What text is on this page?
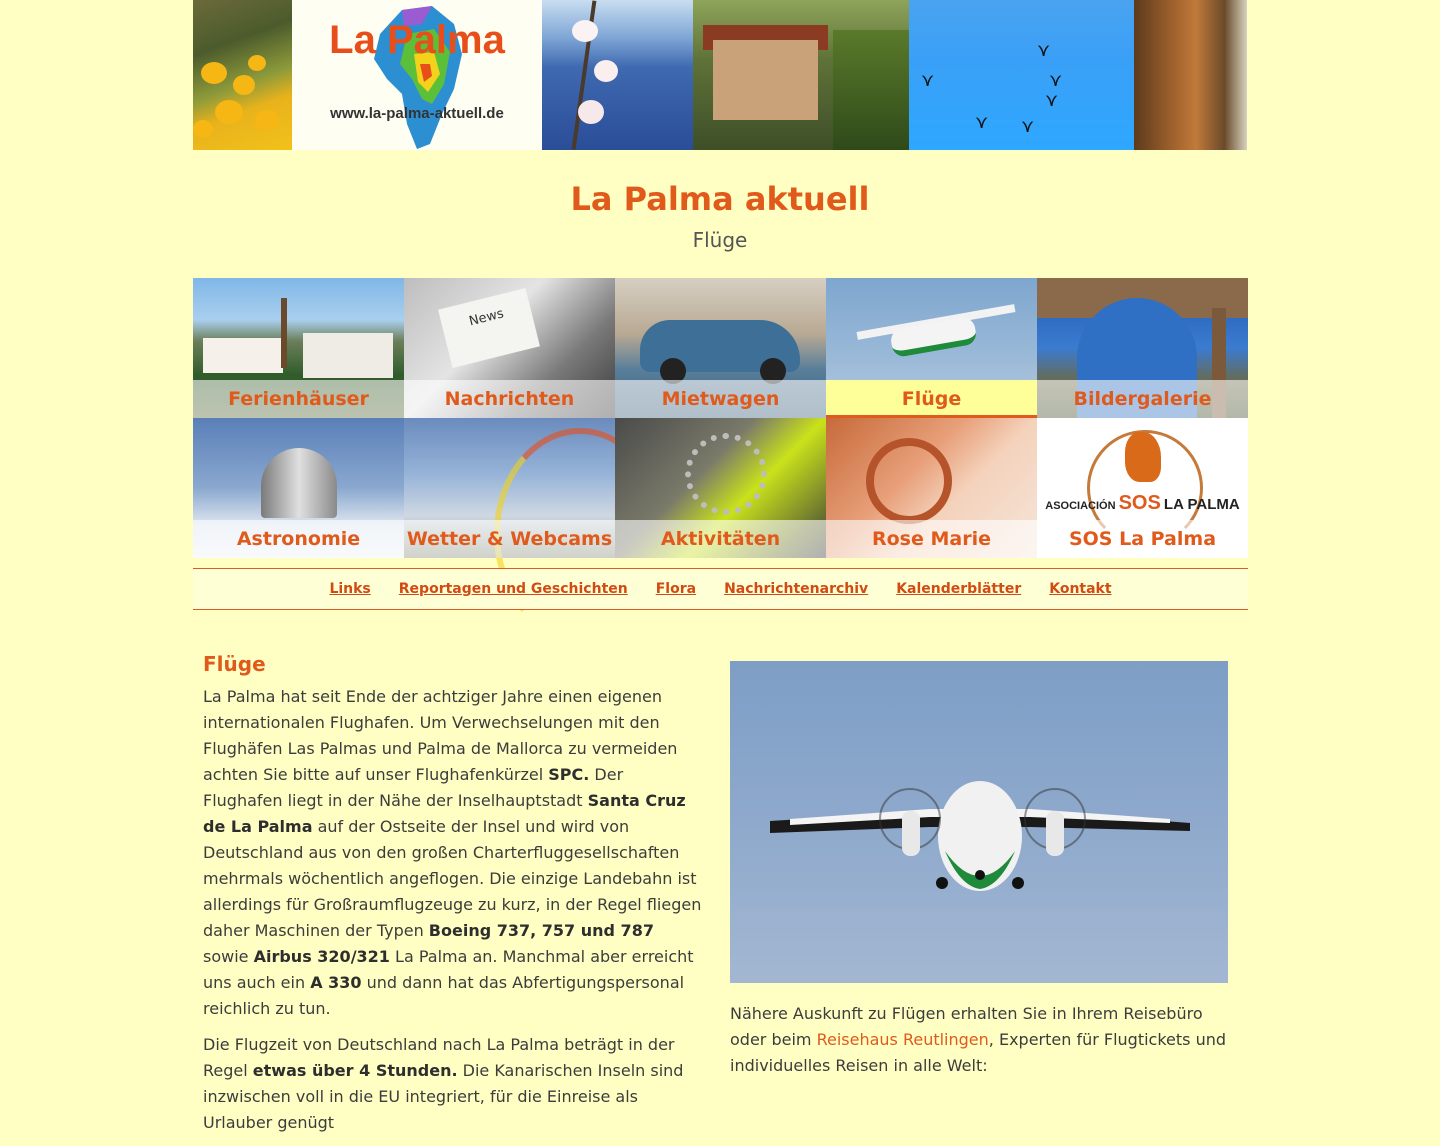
La Palma
www.la-palma-aktuell.de
⋎
⋎	⋎
⋎
⋎ ⋎
La Palma aktuell
Flüge
Ferienhäuser
News
Nachrichten	Mietwagen	Flüge	Bildergalerie
Astronomie	Wetter & Webcams	Aktivitäten	Rose Marie
ASOCIACIÓN SOS LA PALMA
SOS La Palma
Links Reportagen und Geschichten Flora Nachrichtenarchiv Kalenderblätter Kontakt
Flüge

La Palma hat seit Ende der achtziger Jahre einen eigenen internationalen Flughafen. Um Verwechselungen mit den Flughäfen Las Palmas und Palma de Mallorca zu vermeiden achten Sie bitte auf unser Flughafenkürzel SPC. Der Flughafen liegt in der Nähe der Inselhauptstadt Santa Cruz de La Palma auf der Ostseite der Insel und wird von Deutschland aus von den großen Charterfluggesellschaften mehrmals wöchentlich angeflogen. Die einzige Landebahn ist allerdings für Großraumflugzeuge zu kurz, in der Regel fliegen daher Maschinen der Typen Boeing 737, 757 und 787 sowie Airbus 320/321 La Palma an. Manchmal aber erreicht uns auch ein A 330 und dann hat das Abfertigungspersonal reichlich zu tun.

Die Flugzeit von Deutschland nach La Palma beträgt in der Regel etwas über 4 Stunden. Die Kanarischen Inseln sind inzwischen voll in die EU integriert, für die Einreise als Urlauber genügt

Nähere Auskunft zu Flügen erhalten Sie in Ihrem Reisebüro oder beim Reisehaus Reutlingen, Experten für Flugtickets und individuelles Reisen in alle Welt:
